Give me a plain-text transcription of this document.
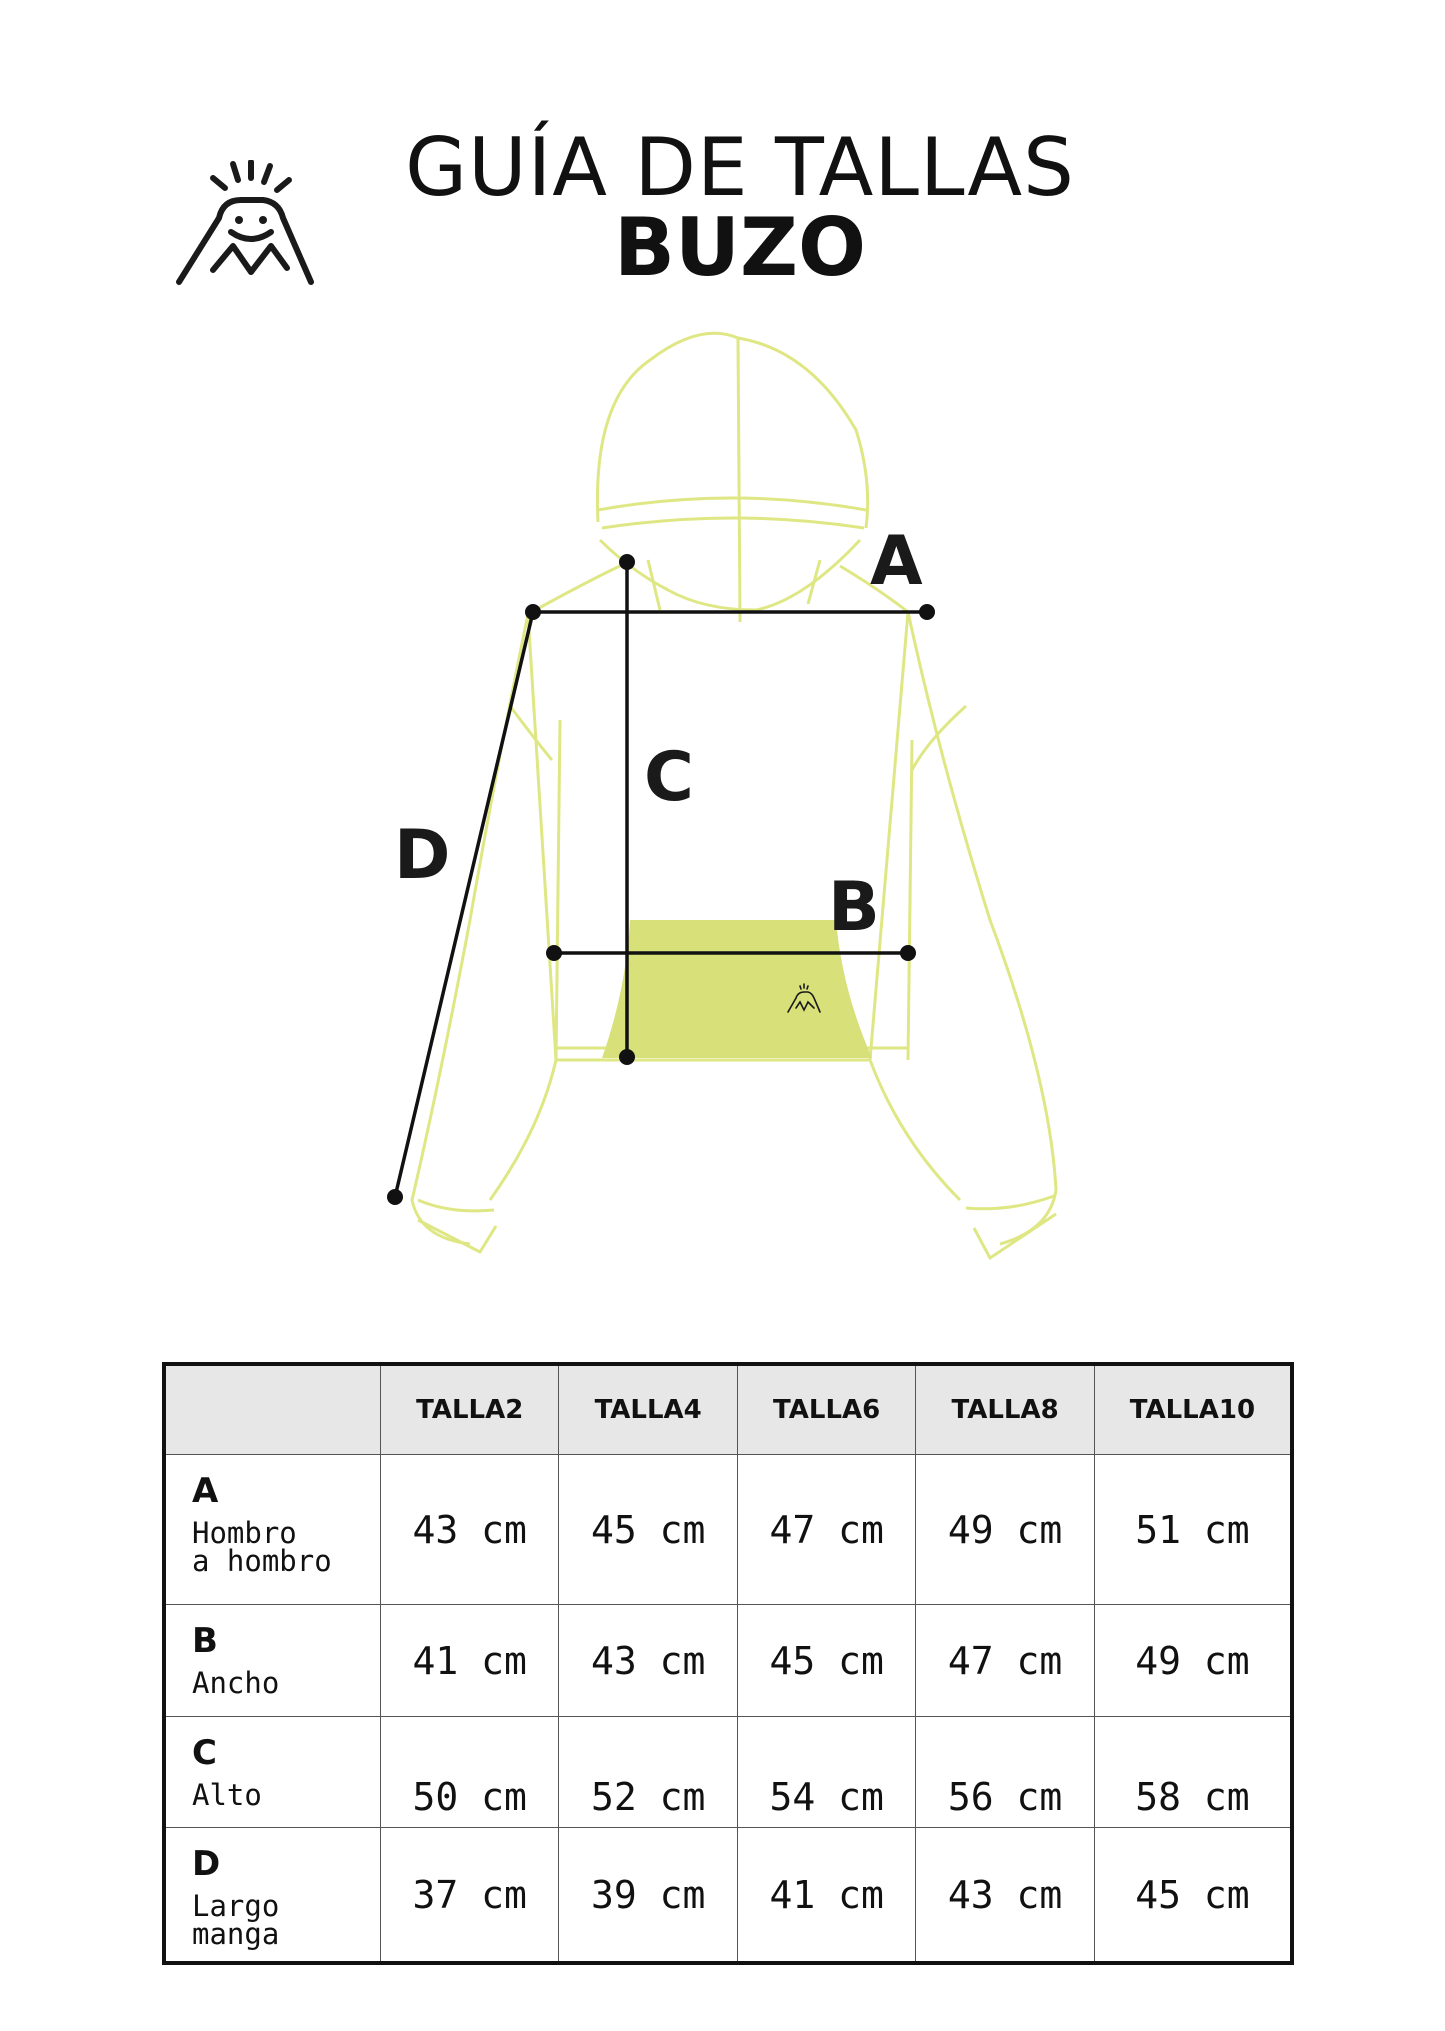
GUÍA DE TALLAS
BUZO
A
B
C
D
	TALLA2	TALLA4	TALLA6	TALLA8	TALLA10

A
Hombro
a hombro	43 cm	45 cm	47 cm	49 cm	51 cm

B
Ancho	41 cm	43 cm	45 cm	47 cm	49 cm

C
Alto	50 cm	52 cm	54 cm	56 cm	58 cm

D
Largo
manga	37 cm	39 cm	41 cm	43 cm	45 cm
